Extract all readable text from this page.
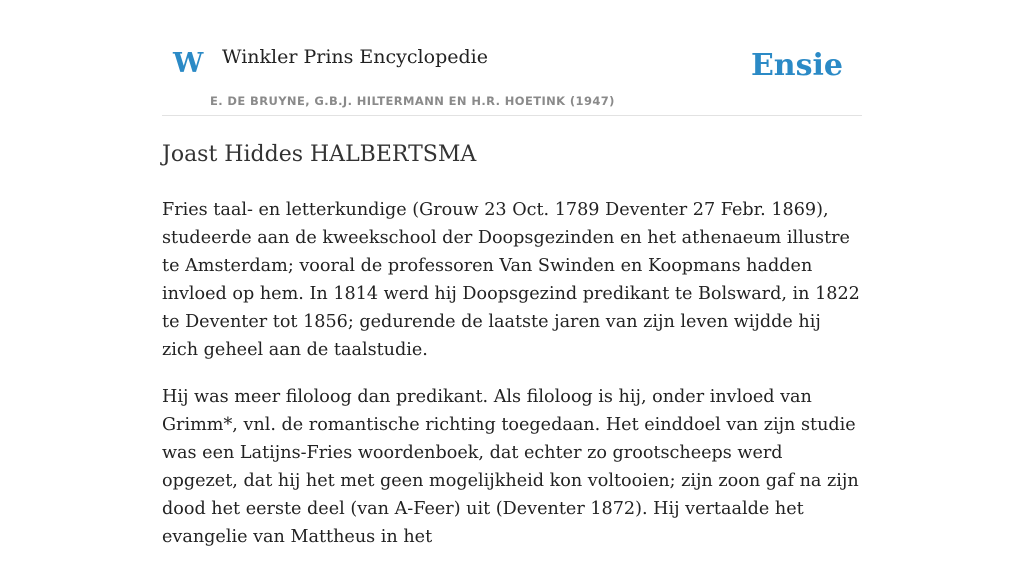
W Winkler Prins Encyclopedie
E. DE BRUYNE, G.B.J. HILTERMANN EN H.R. HOETINK (1947)
Ensie
Joast Hiddes HALBERTSMA

Fries taal- en letterkundige (Grouw 23 Oct. 1789 Deventer 27 Febr. 1869), studeerde aan de kweekschool der Doopsgezinden en het athenaeum illustre te Amsterdam; vooral de professoren Van Swinden en Koopmans hadden invloed op hem. In 1814 werd hij Doopsgezind predikant te Bolsward, in 1822 te Deventer tot 1856; gedurende de laatste jaren van zijn leven wijdde hij zich geheel aan de taalstudie.

Hij was meer filoloog dan predikant. Als filoloog is hij, onder invloed van Grimm*, vnl. de romantische richting toegedaan. Het einddoel van zijn studie was een Latijns-Fries woordenboek, dat echter zo grootscheeps werd opgezet, dat hij het met geen mogelijkheid kon voltooien; zijn zoon gaf na zijn dood het eerste deel (van A-Feer) uit (Deventer 1872). Hij vertaalde het evangelie van Mattheus in het
